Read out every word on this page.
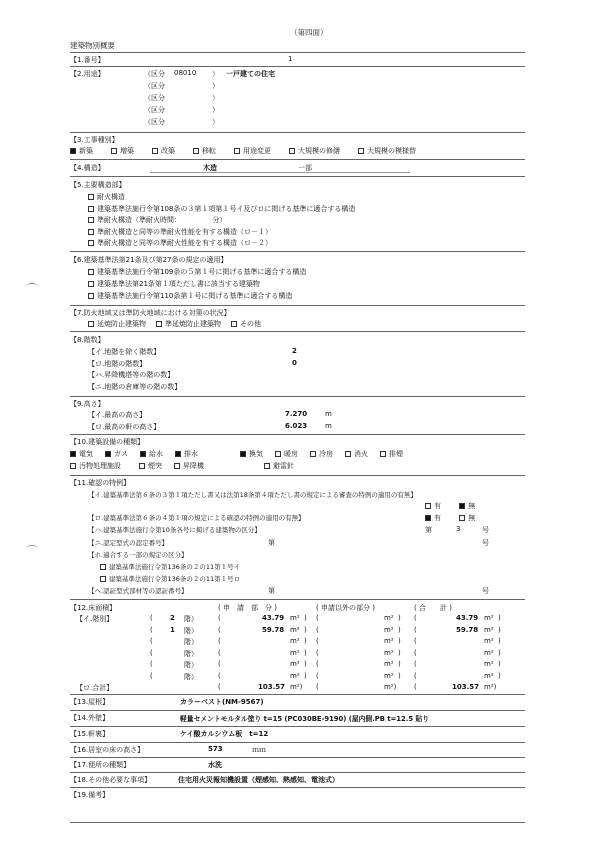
（第四面）
建築物別概要
【1.番号】	1
【2.用途】	（区分 08010 ） 一戸建ての住宅
（区分	）
（区分	）
（区分	）
（区分	）
【3.工事種別】
新築	増築	改築	移転	用途変更	大規模の修繕	大規模の模様替
【4.構造】	木造	一部
【5.主要構造部】
耐火構造
建築基準法施行令第108条の３第１項第１号イ及びロに掲げる基準に適合する構造
準耐火構造（準耐火時間：　　　　　分）
準耐火構造と同等の準耐火性能を有する構造（ロ－１）
準耐火構造と同等の準耐火性能を有する構造（ロ－２）
【6.建築基準法第21条及び第27条の規定の適用】
建築基準法施行令第109条の５第１号に掲げる基準に適合する構造
建築基準法第21条第１項ただし書に該当する建築物
建築基準法施行令第110条第１号に掲げる基準に適合する構造
【7.防火地域又は準防火地域における対策の状況】
延焼防止建築物	準延焼防止建築物	その他
【8.階数】
【イ.地階を除く階数】	2
【ロ.地階の階数】	0
【ハ.昇降機塔等の階の数】
【ニ.地階の倉庫等の階の数】
【9.高さ】
【イ.最高の高さ】	7.270	m
【ロ.最高の軒の高さ】	6.023	m
【10.建築設備の種類】
電気	ガス	給水	排水	換気	暖房	冷房	消火	排煙
汚物処理施設	煙突	昇降機	避雷針
【11.確認の特例】
【イ.建築基準法第６条の３第１項ただし書又は法第18条第４項ただし書の規定による審査の特例の適用の有無】
有	無
【ロ.建築基準法第６条の４第１項の規定による確認の特例の適用の有無】	有	無
【ハ.建築基準法施行令第10条各号に掲げる建築物の区分】	第	3	号
【ニ.認定型式の認定番号】	第	号
【ホ.適合する一部の規定の区分】
建築基準法施行令第136条の２の11第１号イ
建築基準法施行令第136条の２の11第１号ロ
【ヘ.認証型式部材等の認証番号】	第	号
【12.床面積】	( 申　請　部　分 )	( 申請以外の部分 )	( 合　　計 )
【イ.階別】	( 2 階）	(	43.79 m² ) (	m² ) (	43.79 m² )
( 1 階）	(	59.78 m² ) (	m² ) (	59.78 m² )
(	階）	(	m² ) (	m² ) (	m² )
(	階）	(	m² ) (	m² ) (	m² )
(	階）	(	m² ) (	m² ) (	m² )
(	階）	(	m² ) (	m² ) (	m² )
【ロ.合計】	(	103.57 m²) (	m²)	(	103.57 m²)
【13.屋根】	カラーベスト(NM-9567)
【14.外壁】	軽量セメントモルタル塗り t=15 (PC030BE-9190) (屋内側.PB t=12.5 貼り
【15.軒裏】	ケイ酸カルシウム板　t=12
【16.居室の床の高さ】	573	ｍｍ
【17.便所の種類】	水洗
【18.その他必要な事項】	住宅用火災報知機設置（煙感知、熱感知、電池式）
【19.備考】
